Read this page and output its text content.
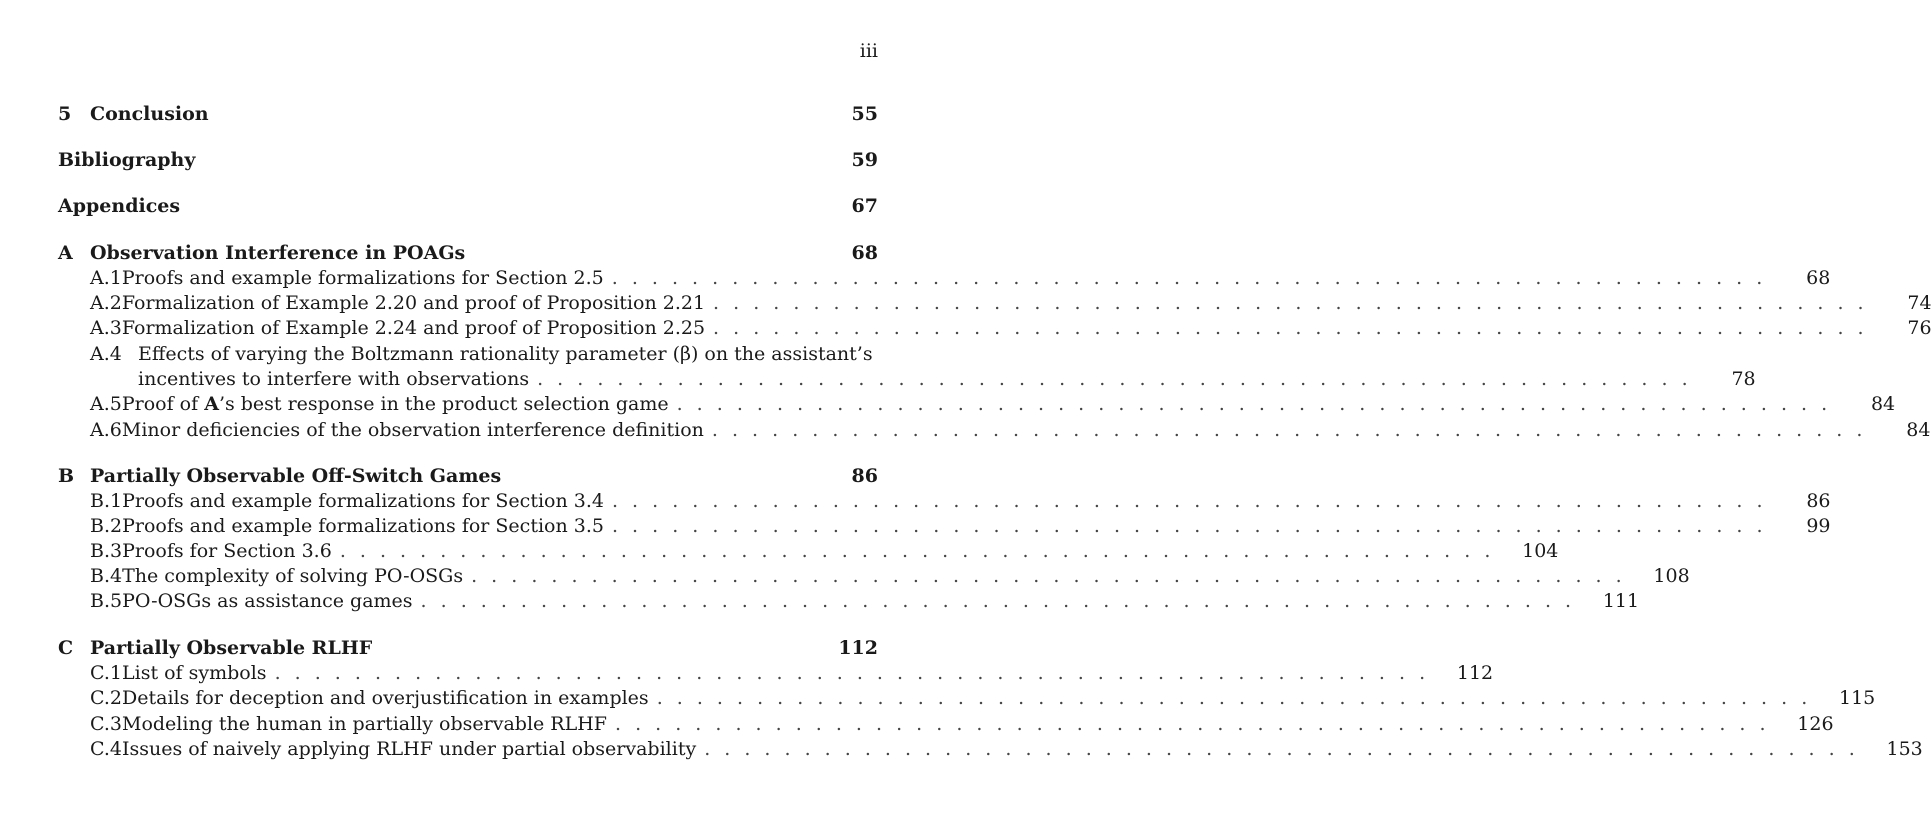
iii
5 Conclusion	55
Bibliography	59
Appendices	67
A Observation Interference in POAGs	68
A.1 Proofs and example formalizations for Section 2.5 . . . . . . . . . . . . . . . . . . . . . . . . . . . . . . . . . . . . . . . . . . . . . . . . . . . . . . . . . .	68
A.2 Formalization of Example 2.20 and proof of Proposition 2.21 . . . . . . . . . . . . . . . . . . . . . . . . . . . . . . . . . . . . . . . . . . . . . . . . . . . . . . . . . .	74
A.3 Formalization of Example 2.24 and proof of Proposition 2.25 . . . . . . . . . . . . . . . . . . . . . . . . . . . . . . . . . . . . . . . . . . . . . . . . . . . . . . . . . .	76
A.4 Effects of varying the Boltzmann rationality parameter (β) on the assistant’s
incentives to interfere with observations . . . . . . . . . . . . . . . . . . . . . . . . . . . . . . . . . . . . . . . . . . . . . . . . . . . . . . . . . .	78
A.5 Proof of A’s best response in the product selection game . . . . . . . . . . . . . . . . . . . . . . . . . . . . . . . . . . . . . . . . . . . . . . . . . . . . . . . . . .	84
A.6 Minor deficiencies of the observation interference definition . . . . . . . . . . . . . . . . . . . . . . . . . . . . . . . . . . . . . . . . . . . . . . . . . . . . . . . . . .	84
B Partially Observable Off-Switch Games	86
B.1 Proofs and example formalizations for Section 3.4 . . . . . . . . . . . . . . . . . . . . . . . . . . . . . . . . . . . . . . . . . . . . . . . . . . . . . . . . . .	86
B.2 Proofs and example formalizations for Section 3.5 . . . . . . . . . . . . . . . . . . . . . . . . . . . . . . . . . . . . . . . . . . . . . . . . . . . . . . . . . .	99
B.3 Proofs for Section 3.6 . . . . . . . . . . . . . . . . . . . . . . . . . . . . . . . . . . . . . . . . . . . . . . . . . . . . . . . . . . 104
B.4 The complexity of solving PO-OSGs . . . . . . . . . . . . . . . . . . . . . . . . . . . . . . . . . . . . . . . . . . . . . . . . . . . . . . . . . . 108
B.5 PO-OSGs as assistance games . . . . . . . . . . . . . . . . . . . . . . . . . . . . . . . . . . . . . . . . . . . . . . . . . . . . . . . . . . 111
C Partially Observable RLHF	112
C.1 List of symbols . . . . . . . . . . . . . . . . . . . . . . . . . . . . . . . . . . . . . . . . . . . . . . . . . . . . . . . . . . 112
C.2 Details for deception and overjustification in examples . . . . . . . . . . . . . . . . . . . . . . . . . . . . . . . . . . . . . . . . . . . . . . . . . . . . . . . . . . 115
C.3 Modeling the human in partially observable RLHF . . . . . . . . . . . . . . . . . . . . . . . . . . . . . . . . . . . . . . . . . . . . . . . . . . . . . . . . . . 126
C.4 Issues of naively applying RLHF under partial observability . . . . . . . . . . . . . . . . . . . . . . . . . . . . . . . . . . . . . . . . . . . . . . . . . . . . . . . . . . 153
